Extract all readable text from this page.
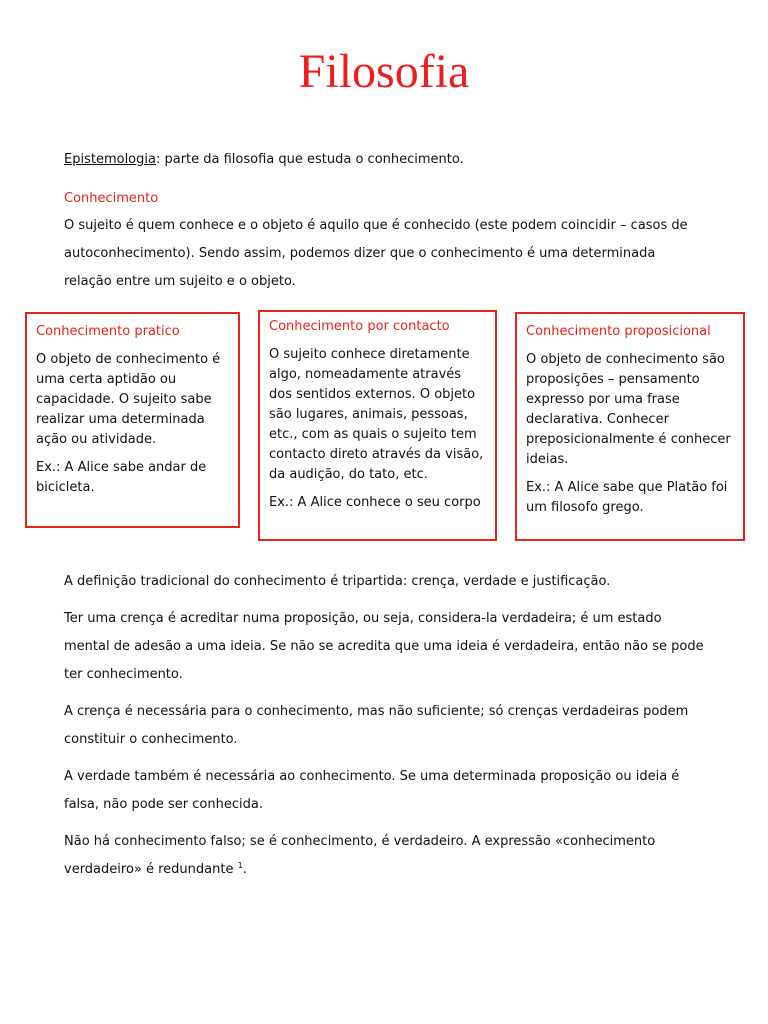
Filosofia
Epistemologia: parte da filosofia que estuda o conhecimento.
Conhecimento
O sujeito é quem conhece e o objeto é aquilo que é conhecido (este podem coincidir – casos de
autoconhecimento). Sendo assim, podemos dizer que o conhecimento é uma determinada
relação entre um sujeito e o objeto.

Conhecimento pratico

O objeto de conhecimento é uma certa aptidão ou capacidade. O sujeito sabe realizar uma determinada ação ou atividade.

Ex.: A Alice sabe andar de bicicleta.

Conhecimento por contacto

O sujeito conhece diretamente algo, nomeadamente através dos sentidos externos. O objeto são lugares, animais, pessoas, etc., com as quais o sujeito tem contacto direto através da visão, da audição, do tato, etc.

Ex.: A Alice conhece o seu corpo

Conhecimento proposicional

O objeto de conhecimento são proposições – pensamento expresso por uma frase declarativa. Conhecer preposicionalmente é conhecer ideias.

Ex.: A Alice sabe que Platão foi um filosofo grego.

A definição tradicional do conhecimento é tripartida: crença, verdade e justificação.
Ter uma crença é acreditar numa proposição, ou seja, considera-la verdadeira; é um estado
mental de adesão a uma ideia. Se não se acredita que uma ideia é verdadeira, então não se pode
ter conhecimento.
A crença é necessária para o conhecimento, mas não suficiente; só crenças verdadeiras podem
constituir o conhecimento.
A verdade também é necessária ao conhecimento. Se uma determinada proposição ou ideia é
falsa, não pode ser conhecida.
Não há conhecimento falso; se é conhecimento, é verdadeiro. A expressão «conhecimento
verdadeiro» é redundante $^1$.
